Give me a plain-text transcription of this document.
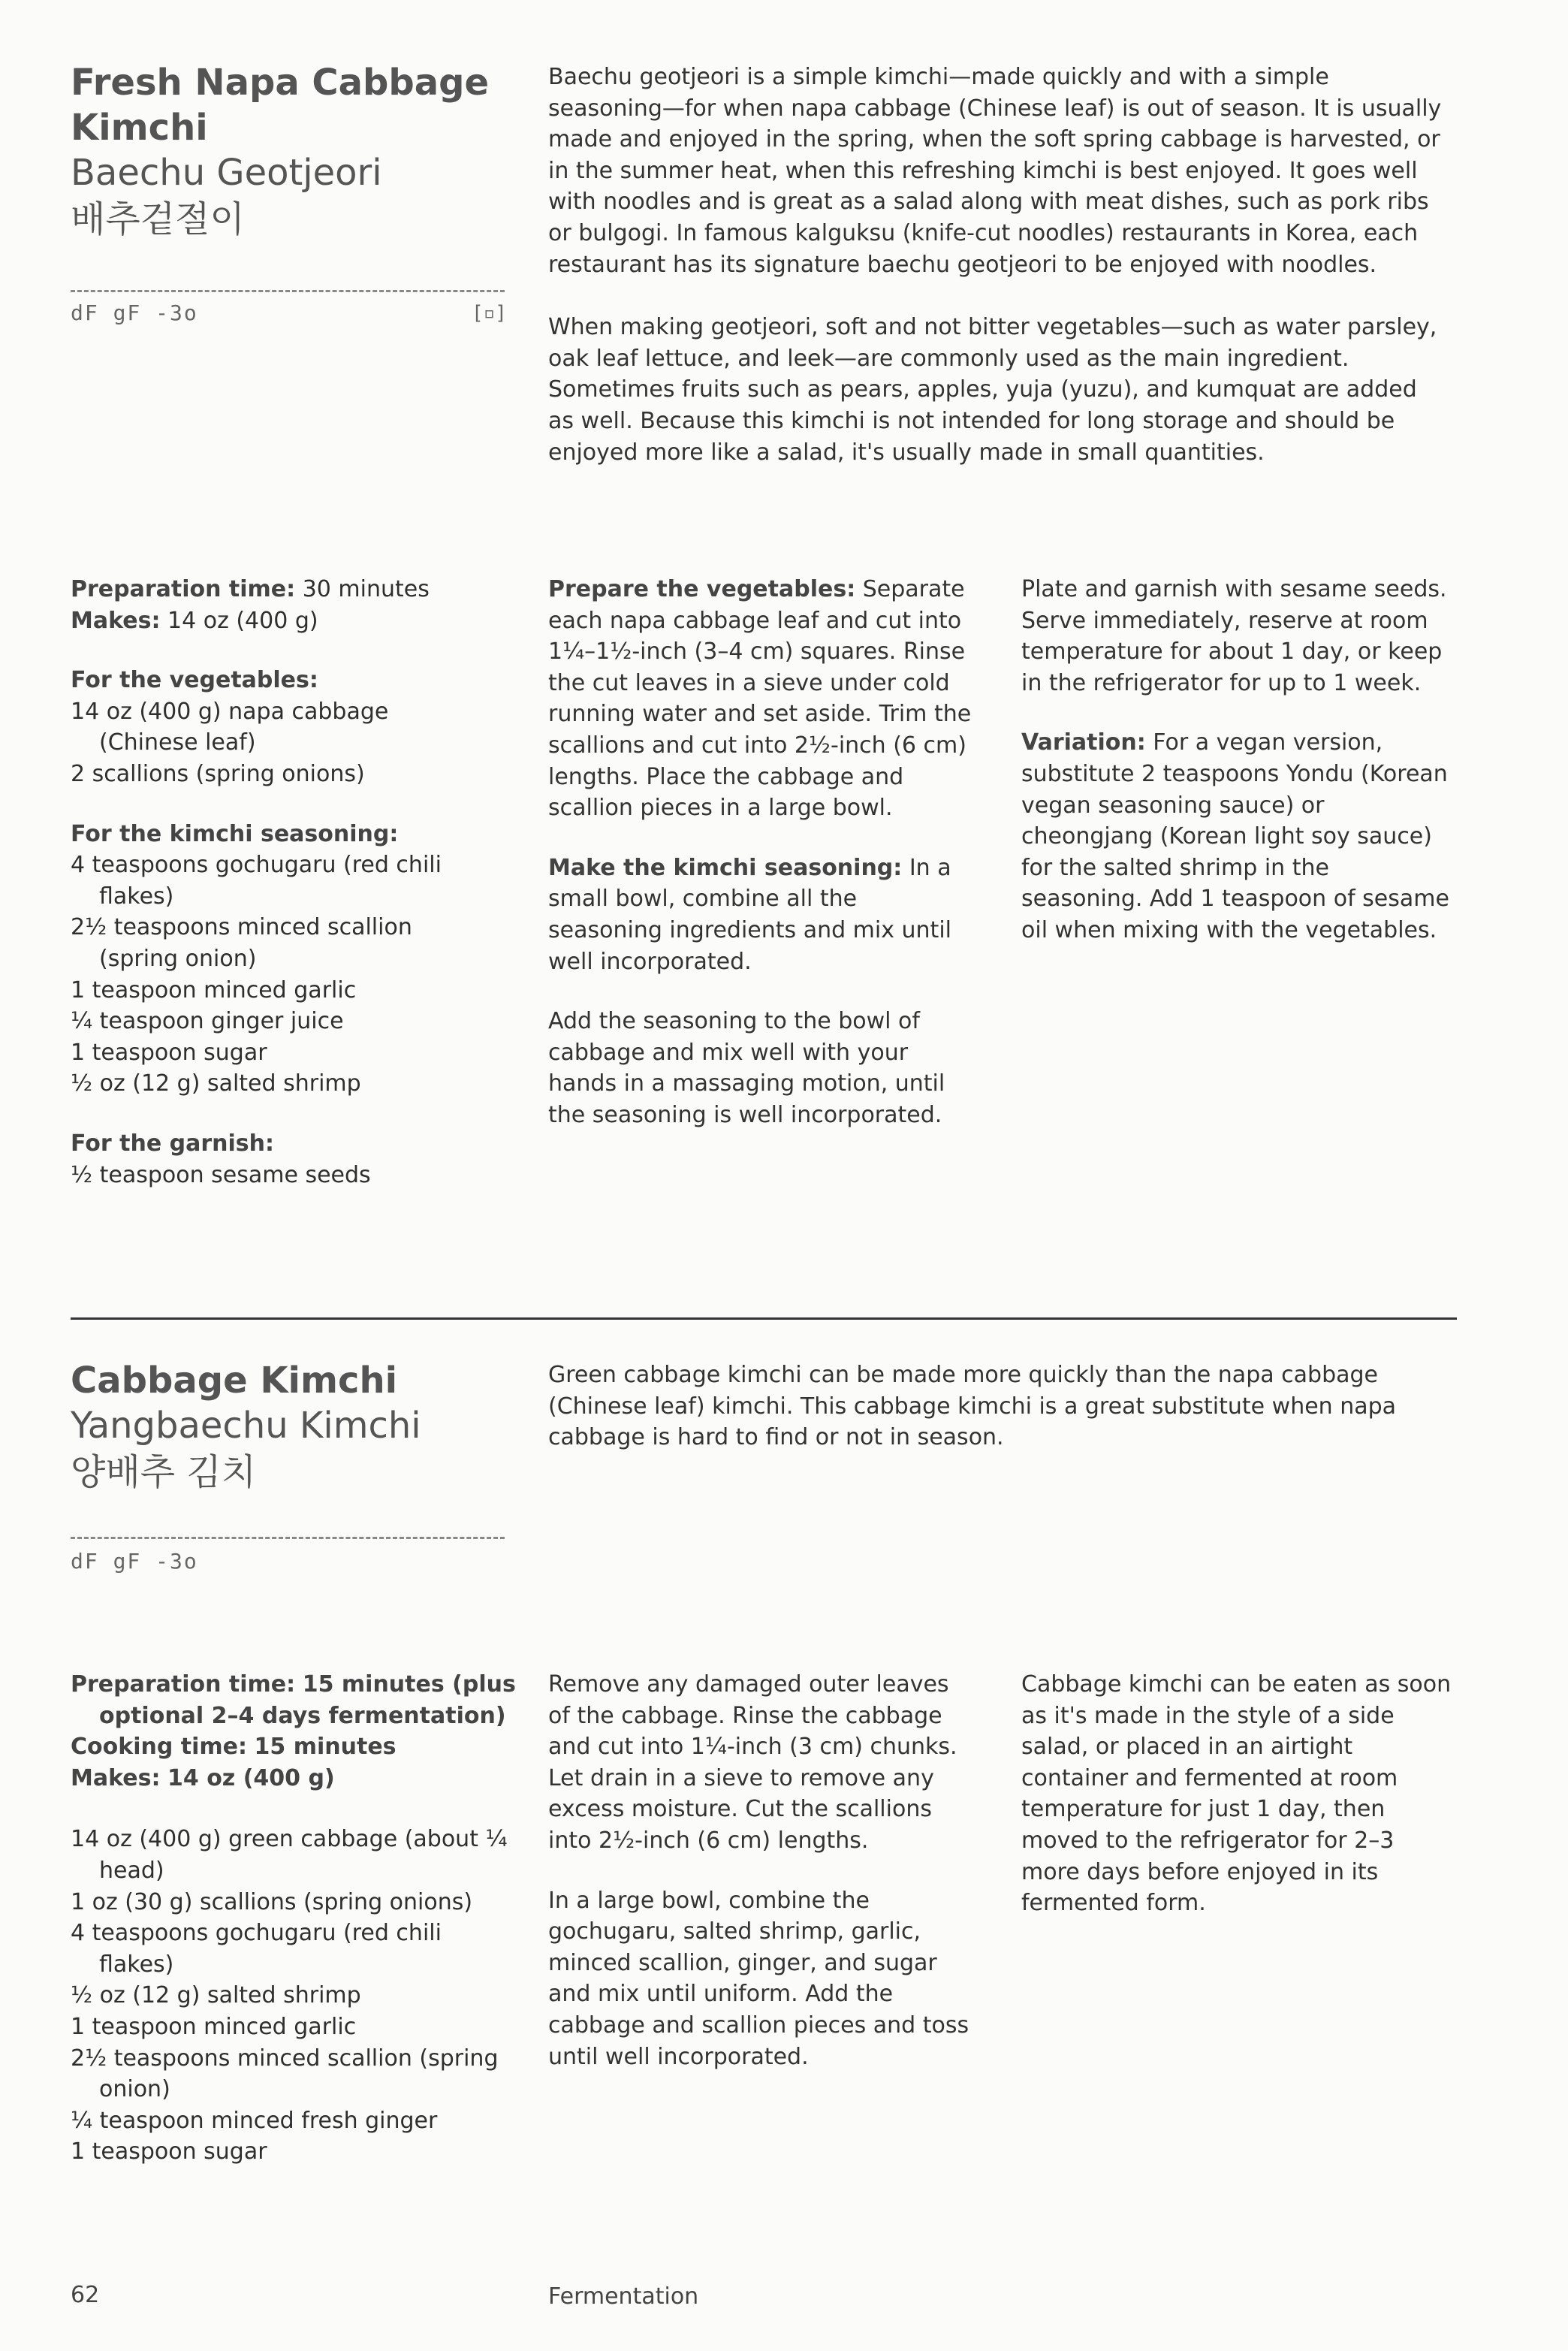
Fresh Napa Cabbage

Kimchi

Baechu Geotjeori

배추겉절이

dF gF -3o	[▫]

Baechu geotjeori is a simple kimchi—made quickly and with a simple seasoning—for when napa cabbage (Chinese leaf) is out of season. It is usually made and enjoyed in the spring, when the soft spring cabbage is harvested, or in the summer heat, when this refreshing kimchi is best enjoyed. It goes well with noodles and is great as a salad along with meat dishes, such as pork ribs or bulgogi. In famous kalguksu (knife-cut noodles) restaurants in Korea, each restaurant has its signature baechu geotjeori to be enjoyed with noodles.

When making geotjeori, soft and not bitter vegetables—such as water parsley, oak leaf lettuce, and leek—are commonly used as the main ingredient. Sometimes fruits such as pears, apples, yuja (yuzu), and kumquat are added as well. Because this kimchi is not intended for long storage and should be enjoyed more like a salad, it's usually made in small quantities.

Preparation time: 30 minutes

Makes: 14 oz (400 g)

For the vegetables:

14 oz (400 g) napa cabbage (Chinese leaf)

2 scallions (spring onions)

For the kimchi seasoning:

4 teaspoons gochugaru (red chili flakes)

2½ teaspoons minced scallion (spring onion)

1 teaspoon minced garlic

¼ teaspoon ginger juice

1 teaspoon sugar

½ oz (12 g) salted shrimp

For the garnish:

½ teaspoon sesame seeds

Prepare the vegetables: Separate each napa cabbage leaf and cut into 1¼–1½-inch (3–4 cm) squares. Rinse the cut leaves in a sieve under cold running water and set aside. Trim the scallions and cut into 2½-inch (6 cm) lengths. Place the cabbage and scallion pieces in a large bowl.

Make the kimchi seasoning: In a small bowl, combine all the seasoning ingredients and mix until well incorporated.

Add the seasoning to the bowl of cabbage and mix well with your hands in a massaging motion, until the seasoning is well incorporated.

Plate and garnish with sesame seeds. Serve immediately, reserve at room temperature for about 1 day, or keep in the refrigerator for up to 1 week.

Variation: For a vegan version, substitute 2 teaspoons Yondu (Korean vegan seasoning sauce) or cheongjang (Korean light soy sauce) for the salted shrimp in the seasoning. Add 1 teaspoon of sesame oil when mixing with the vegetables.

Cabbage Kimchi

Yangbaechu Kimchi

양배추 김치

dF gF -3o

Green cabbage kimchi can be made more quickly than the napa cabbage (Chinese leaf) kimchi. This cabbage kimchi is a great substitute when napa cabbage is hard to find or not in season.

Preparation time: 15 minutes (plus optional 2–4 days fermentation)

Cooking time: 15 minutes

Makes: 14 oz (400 g)

14 oz (400 g) green cabbage (about ¼ head)

1 oz (30 g) scallions (spring onions)

4 teaspoons gochugaru (red chili flakes)

½ oz (12 g) salted shrimp

1 teaspoon minced garlic

2½ teaspoons minced scallion (spring onion)

¼ teaspoon minced fresh ginger

1 teaspoon sugar

Remove any damaged outer leaves of the cabbage. Rinse the cabbage and cut into 1¼-inch (3 cm) chunks. Let drain in a sieve to remove any excess moisture. Cut the scallions into 2½-inch (6 cm) lengths.

In a large bowl, combine the gochugaru, salted shrimp, garlic, minced scallion, ginger, and sugar and mix until uniform. Add the cabbage and scallion pieces and toss until well incorporated.

Cabbage kimchi can be eaten as soon as it's made in the style of a side salad, or placed in an airtight container and fermented at room temperature for just 1 day, then moved to the refrigerator for 2–3 more days before enjoyed in its fermented form.

62	Fermentation
